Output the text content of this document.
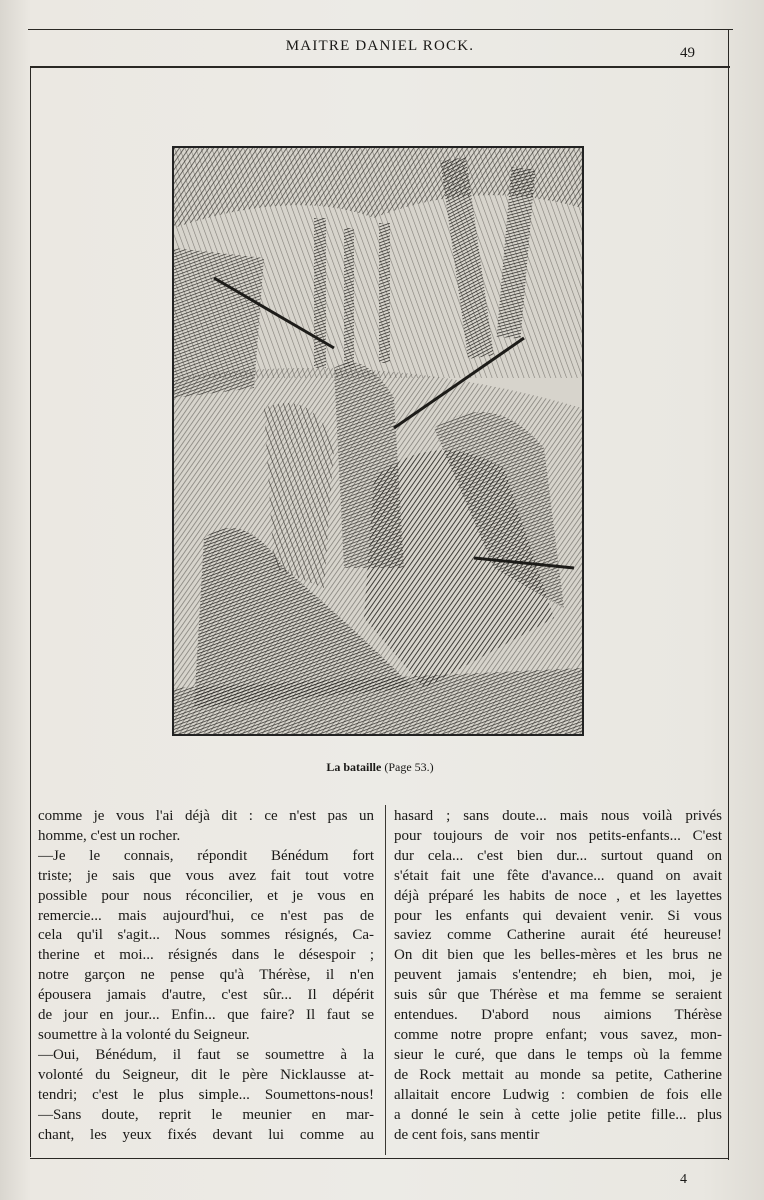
MAITRE DANIEL ROCK.	49
La bataille (Page 53.)
comme je vous l'ai déjà dit : ce n'est pas un
homme, c'est un rocher.
—Je le connais, répondit Bénédum fort
triste; je sais que vous avez fait tout votre
possible pour nous réconcilier, et je vous en
remercie... mais aujourd'hui, ce n'est pas de
cela qu'il s'agit... Nous sommes résignés, Ca-
therine et moi... résignés dans le désespoir ;
notre garçon ne pense qu'à Thérèse, il n'en
épousera jamais d'autre, c'est sûr... Il dépérit
de jour en jour... Enfin... que faire? Il faut se
soumettre à la volonté du Seigneur.
—Oui, Bénédum, il faut se soumettre à la
volonté du Seigneur, dit le père Nicklausse at-
tendri; c'est le plus simple... Soumettons-nous!
—Sans doute, reprit le meunier en mar-
chant, les yeux fixés devant lui comme au
hasard ; sans doute... mais nous voilà privés
pour toujours de voir nos petits-enfants... C'est
dur cela... c'est bien dur... surtout quand on
s'était fait une fête d'avance... quand on avait
déjà préparé les habits de noce , et les layettes
pour les enfants qui devaient venir. Si vous
saviez comme Catherine aurait été heureuse!
On dit bien que les belles-mères et les brus ne
peuvent jamais s'entendre; eh bien, moi, je
suis sûr que Thérèse et ma femme se seraient
entendues. D'abord nous aimions Thérèse
comme notre propre enfant; vous savez, mon-
sieur le curé, que dans le temps où la femme
de Rock mettait au monde sa petite, Catherine
allaitait encore Ludwig : combien de fois elle
a donné le sein à cette jolie petite fille... plus
de cent fois, sans mentir
4
